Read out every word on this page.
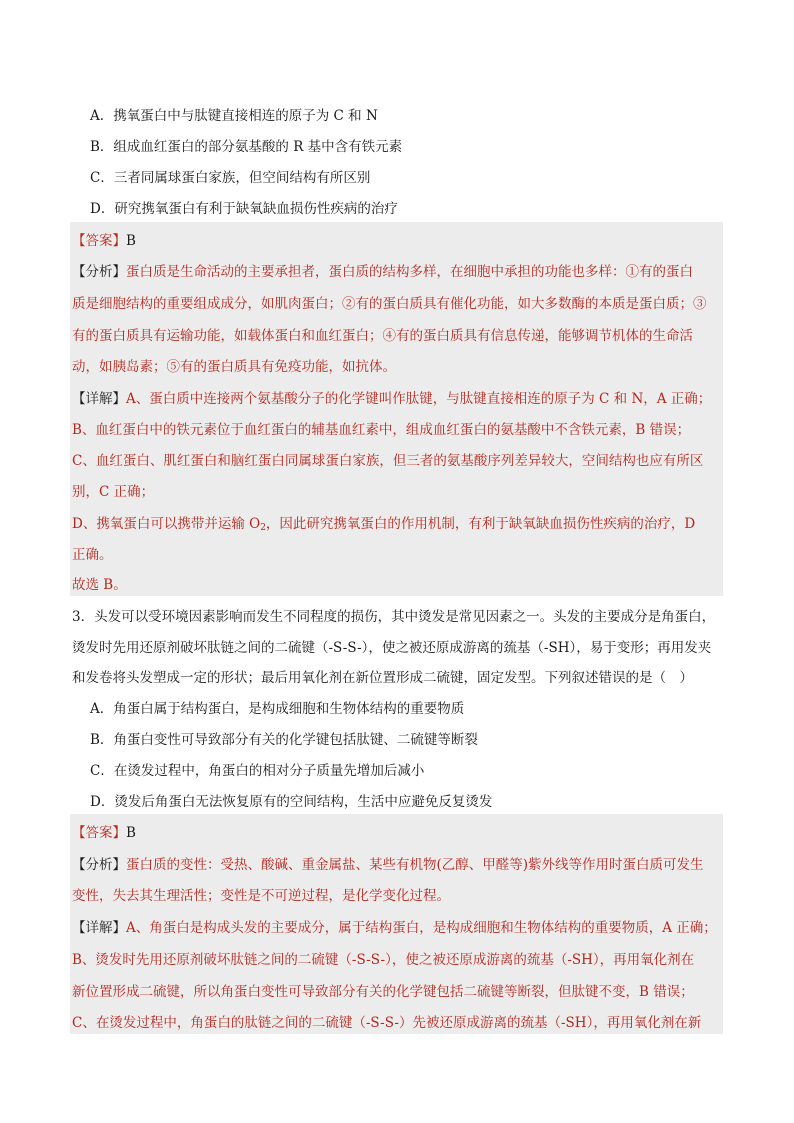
A．携氧蛋白中与肽键直接相连的原子为 C 和 N
B．组成血红蛋白的部分氨基酸的 R 基中含有铁元素
C．三者同属球蛋白家族，但空间结构有所区别
D．研究携氧蛋白有利于缺氧缺血损伤性疾病的治疗
【答案】B
【分析】蛋白质是生命活动的主要承担者，蛋白质的结构多样，在细胞中承担的功能也多样：①有的蛋白
质是细胞结构的重要组成成分，如肌肉蛋白；②有的蛋白质具有催化功能，如大多数酶的本质是蛋白质；③
有的蛋白质具有运输功能，如载体蛋白和血红蛋白；④有的蛋白质具有信息传递，能够调节机体的生命活
动，如胰岛素；⑤有的蛋白质具有免疫功能，如抗体。
【详解】A、蛋白质中连接两个氨基酸分子的化学键叫作肽键，与肽键直接相连的原子为 C 和 N，A 正确；
B、血红蛋白中的铁元素位于血红蛋白的辅基血红素中，组成血红蛋白的氨基酸中不含铁元素，B 错误；
C、血红蛋白、肌红蛋白和脑红蛋白同属球蛋白家族，但三者的氨基酸序列差异较大，空间结构也应有所区
别，C 正确；
D、携氧蛋白可以携带并运输 $O_2$，因此研究携氧蛋白的作用机制，有利于缺氧缺血损伤性疾病的治疗，D
正确。
故选 B。
3．头发可以受环境因素影响而发生不同程度的损伤，其中烫发是常见因素之一。头发的主要成分是角蛋白，
烫发时先用还原剂破坏肽链之间的二硫键（-S-S-），使之被还原成游离的巯基（-SH），易于变形；再用发夹
和发卷将头发塑成一定的形状；最后用氧化剂在新位置形成二硫键，固定发型。下列叙述错误的是（　）
A．角蛋白属于结构蛋白，是构成细胞和生物体结构的重要物质
B．角蛋白变性可导致部分有关的化学键包括肽键、二硫键等断裂
C．在烫发过程中，角蛋白的相对分子质量先增加后减小
D．烫发后角蛋白无法恢复原有的空间结构，生活中应避免反复烫发
【答案】B
【分析】蛋白质的变性：受热、酸碱、重金属盐、某些有机物(乙醇、甲醛等)紫外线等作用时蛋白质可发生
变性，失去其生理活性；变性是不可逆过程，是化学变化过程。
【详解】A、角蛋白是构成头发的主要成分，属于结构蛋白，是构成细胞和生物体结构的重要物质，A 正确；
B、烫发时先用还原剂破坏肽链之间的二硫键（-S-S-），使之被还原成游离的巯基（-SH），再用氧化剂在
新位置形成二硫键，所以角蛋白变性可导致部分有关的化学键包括二硫键等断裂，但肽键不变，B 错误；
C、在烫发过程中，角蛋白的肽链之间的二硫键（-S-S-）先被还原成游离的巯基（-SH），再用氧化剂在新
